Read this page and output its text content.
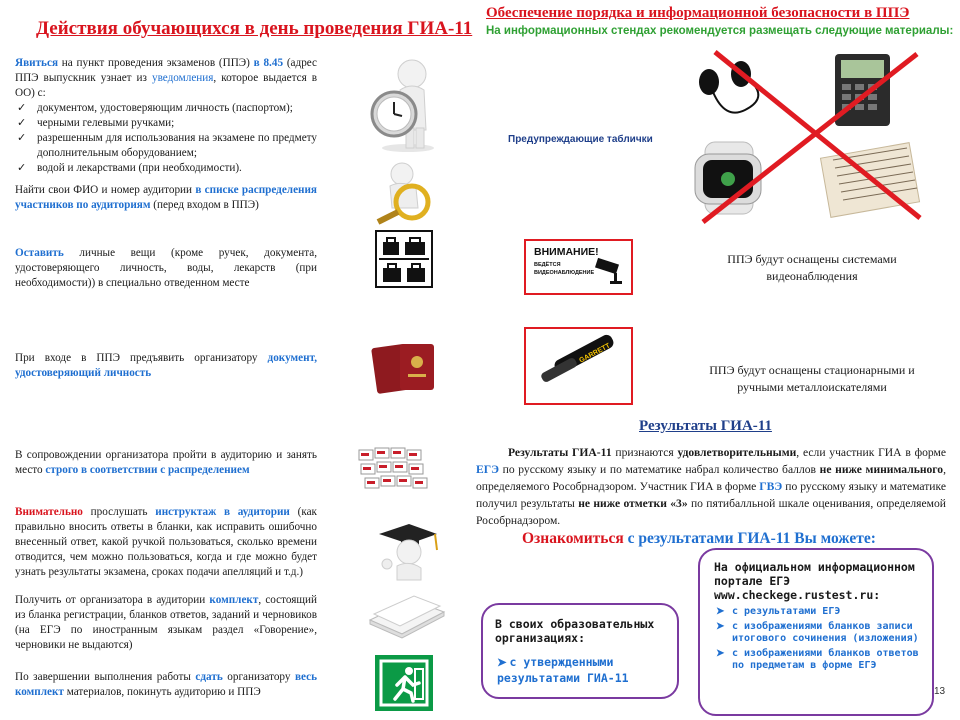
Действия обучающихся в день проведения ГИА-11
Явиться на пункт проведения экзаменов (ППЭ) в 8.45 (адрес ППЭ выпускник узнает из уведомления, которое выдается в ОО) с:
✓ документом, удостоверяющим личность (паспортом);
✓ черными гелевыми ручками;
✓ разрешенным для использования на экзамене по предмету дополнительным оборудованием;
✓ водой и лекарствами (при необходимости).
Найти свои ФИО и номер аудитории в списке распределения участников по аудиториям (перед входом в ППЭ)
Оставить личные вещи (кроме ручек, документа, удостоверяющего личность, воды, лекарств (при необходимости)) в специально отведенном месте
При входе в ППЭ предъявить организатору документ, удостоверяющий личность
В сопровождении организатора пройти в аудиторию и занять место строго в соответствии с распределением
Внимательно прослушать инструктаж в аудитории (как правильно вносить ответы в бланки, как исправить ошибочно внесенный ответ, какой ручкой пользоваться, сколько времени отводится, чем можно пользоваться, когда и где можно будет узнать результаты экзамена, сроках подачи апелляций и т.д.)
Получить от организатора в аудитории комплект, состоящий из бланка регистрации, бланков ответов, заданий и черновиков (на ЕГЭ по иностранным языкам раздел «Говорение», черновики не выдаются)
По завершении выполнения работы сдать организатору весь комплект материалов, покинуть аудиторию и ППЭ
Обеспечение порядка и информационной безопасности в ППЭ
На информационных стендах рекомендуется размещать следующие материалы:
Предупреждающие таблички
ВНИМАНИЕ!
ВЕДЁТСЯ
ВИДЕОНАБЛЮДЕНИЕ
GARRETT
ППЭ будут оснащены системами видеонаблюдения
ППЭ будут оснащены стационарными и ручными металлоискателями
Результаты ГИА-11
Результаты ГИА-11 признаются удовлетворительными, если участник ГИА в форме ЕГЭ по русскому языку и по математике набрал количество баллов не ниже минимального, определяемого Рособрнадзором. Участник ГИА в форме ГВЭ по русскому языку и математике получил результаты не ниже отметки «3» по пятибалльной шкале оценивания, определяемой Рособрнадзором.
Ознакомиться с результатами ГИА-11 Вы можете:
В своих образовательных организациях:
➤ с утвержденными результатами ГИА-11
На официальном информационном портале ЕГЭ www.checkege.rustest.ru:
➤ с результатами ЕГЭ
➤ с изображениями бланков записи итогового сочинения (изложения)
➤ с изображениями бланков ответов по предметам в форме ЕГЭ
13
